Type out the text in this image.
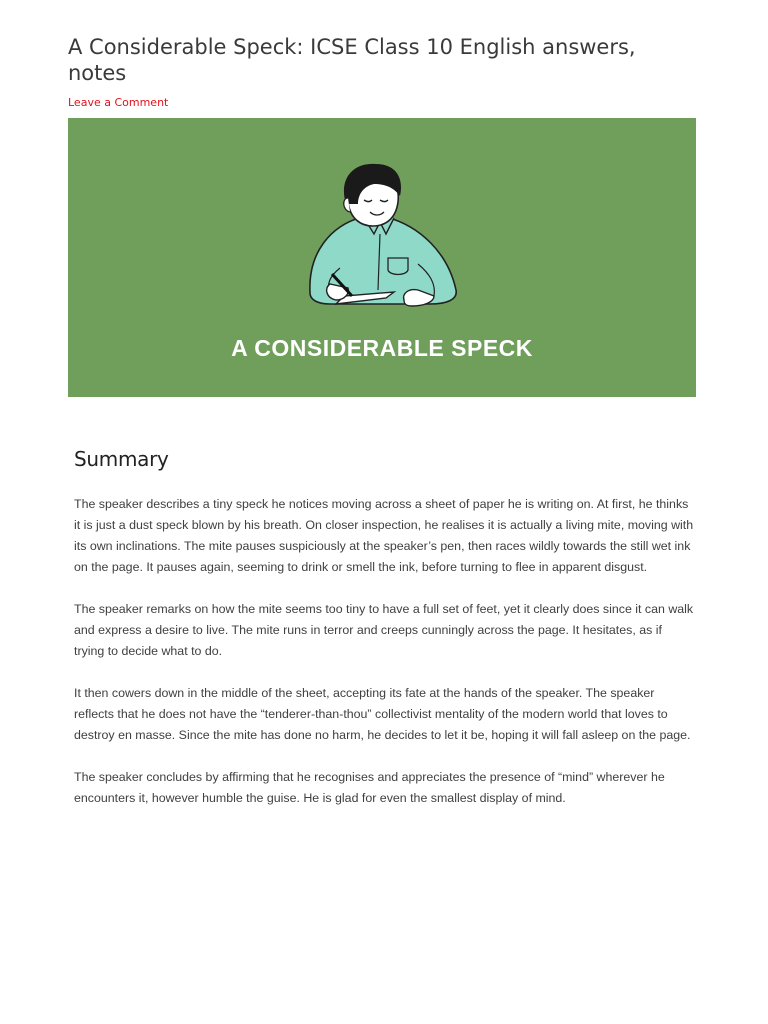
A Considerable Speck: ICSE Class 10 English answers, notes
Leave a Comment
A CONSIDERABLE SPECK
Summary

The speaker describes a tiny speck he notices moving across a sheet of paper he is writing on. At first, he thinks it is just a dust speck blown by his breath. On closer inspection, he realises it is actually a living mite, moving with its own inclinations. The mite pauses suspiciously at the speaker’s pen, then races wildly towards the still wet ink on the page. It pauses again, seeming to drink or smell the ink, before turning to flee in apparent disgust.

The speaker remarks on how the mite seems too tiny to have a full set of feet, yet it clearly does since it can walk and express a desire to live. The mite runs in terror and creeps cunningly across the page. It hesitates, as if trying to decide what to do.

It then cowers down in the middle of the sheet, accepting its fate at the hands of the speaker. The speaker reflects that he does not have the “tenderer-than-thou” collectivist mentality of the modern world that loves to destroy en masse. Since the mite has done no harm, he decides to let it be, hoping it will fall asleep on the page.

The speaker concludes by affirming that he recognises and appreciates the presence of “mind” wherever he encounters it, however humble the guise. He is glad for even the smallest display of mind.
